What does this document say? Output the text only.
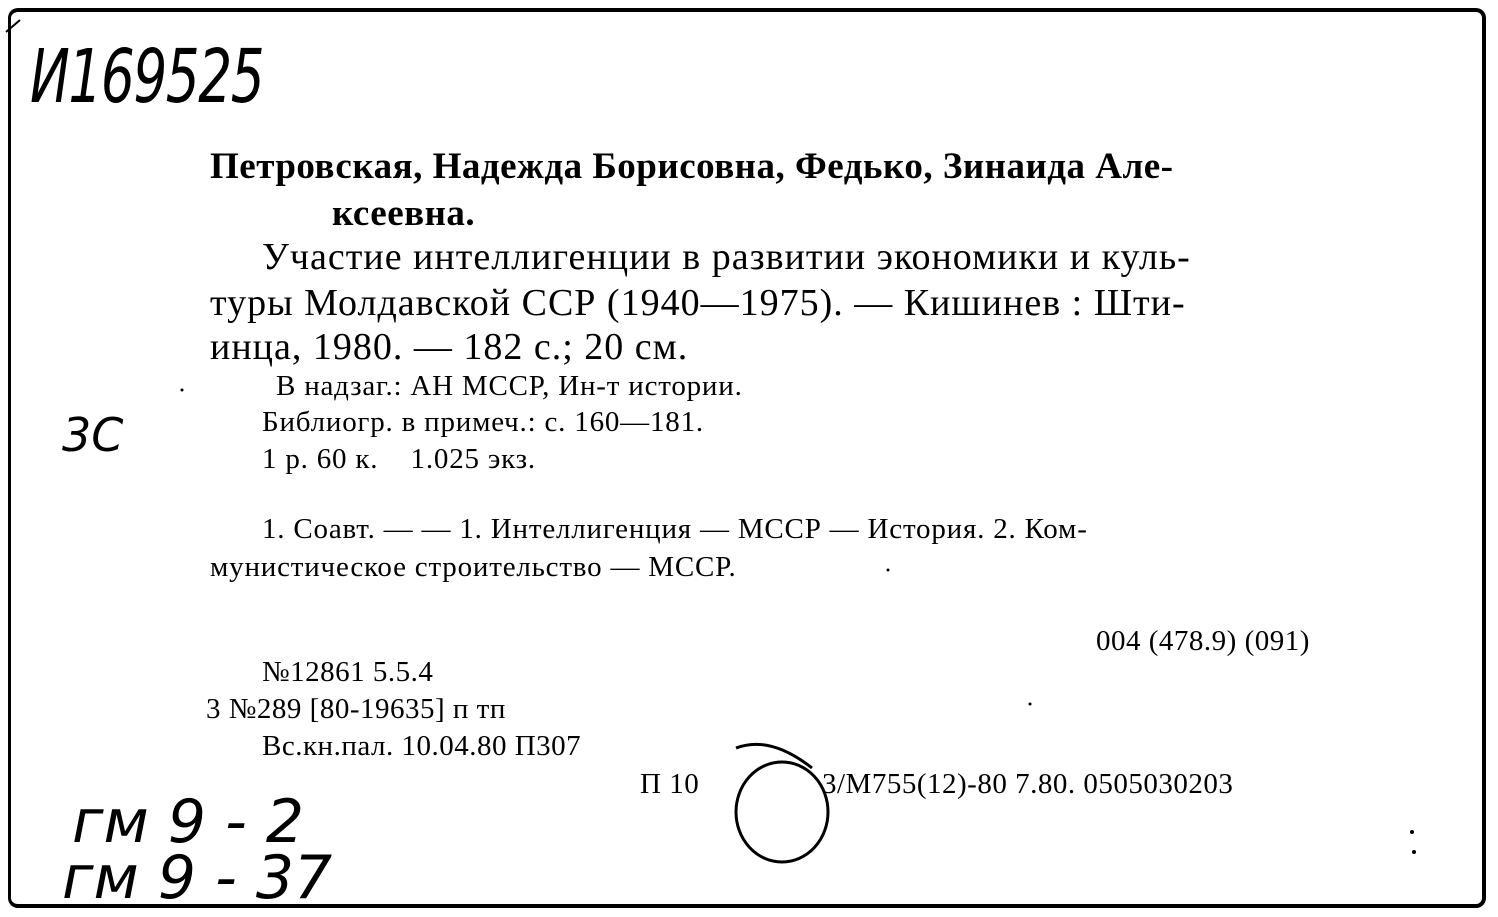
И169525
Петровская, Надежда Борисовна, Федько, Зинаида Але-
ксеевна.
Участие интеллигенции в развитии экономики и куль-
туры Молдавской ССР (1940—1975). — Кишинев : Шти-
инца, 1980. — 182 с.; 20 см.
В надзаг.: АН МССР, Ин-т истории.
3С	Библиогр. в примеч.: с. 160—181.
1 р. 60 к.    1.025 экз.
1. Соавт. — — 1. Интеллигенция — МССР — История. 2. Ком-
мунистическое строительство — МССР.
004 (478.9) (091)
№12861 5.5.4
3 №289 [80-19635] п тп
Вс.кн.пал. 10.04.80 П307
П 10	3/М755(12)-80 7.80. 0505030203
гм 9 - 2
гм 9 - 37
